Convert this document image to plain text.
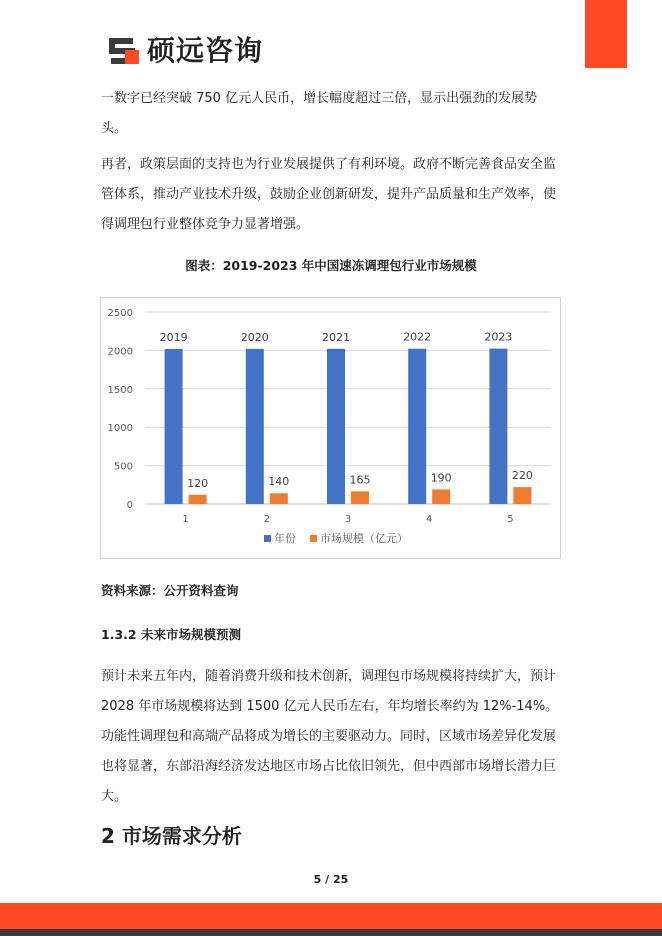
硕远咨询

一数字已经突破 750 亿元人民币，增长幅度超过三倍，显示出强劲的发展势头。

再者，政策层面的支持也为行业发展提供了有利环境。政府不断完善食品安全监管体系，推动产业技术升级，鼓励企业创新研发，提升产品质量和生产效率，使得调理包行业整体竞争力显著增强。

图表：2019-2023 年中国速冻调理包行业市场规模
0
500
1000
1500
2000
2500
2019
120
1
2020
140
2
2021
165
3
2022
190
4
2023
220
5
年份 市场规模（亿元）
资料来源：公开资料查询
1.3.2 未来市场规模预测

预计未来五年内，随着消费升级和技术创新，调理包市场规模将持续扩大，预计 2028 年市场规模将达到 1500 亿元人民币左右，年均增长率约为 12%-14%。功能性调理包和高端产品将成为增长的主要驱动力。同时，区域市场差异化发展也将显著，东部沿海经济发达地区市场占比依旧领先，但中西部市场增长潜力巨大。

2 市场需求分析
5 / 25
